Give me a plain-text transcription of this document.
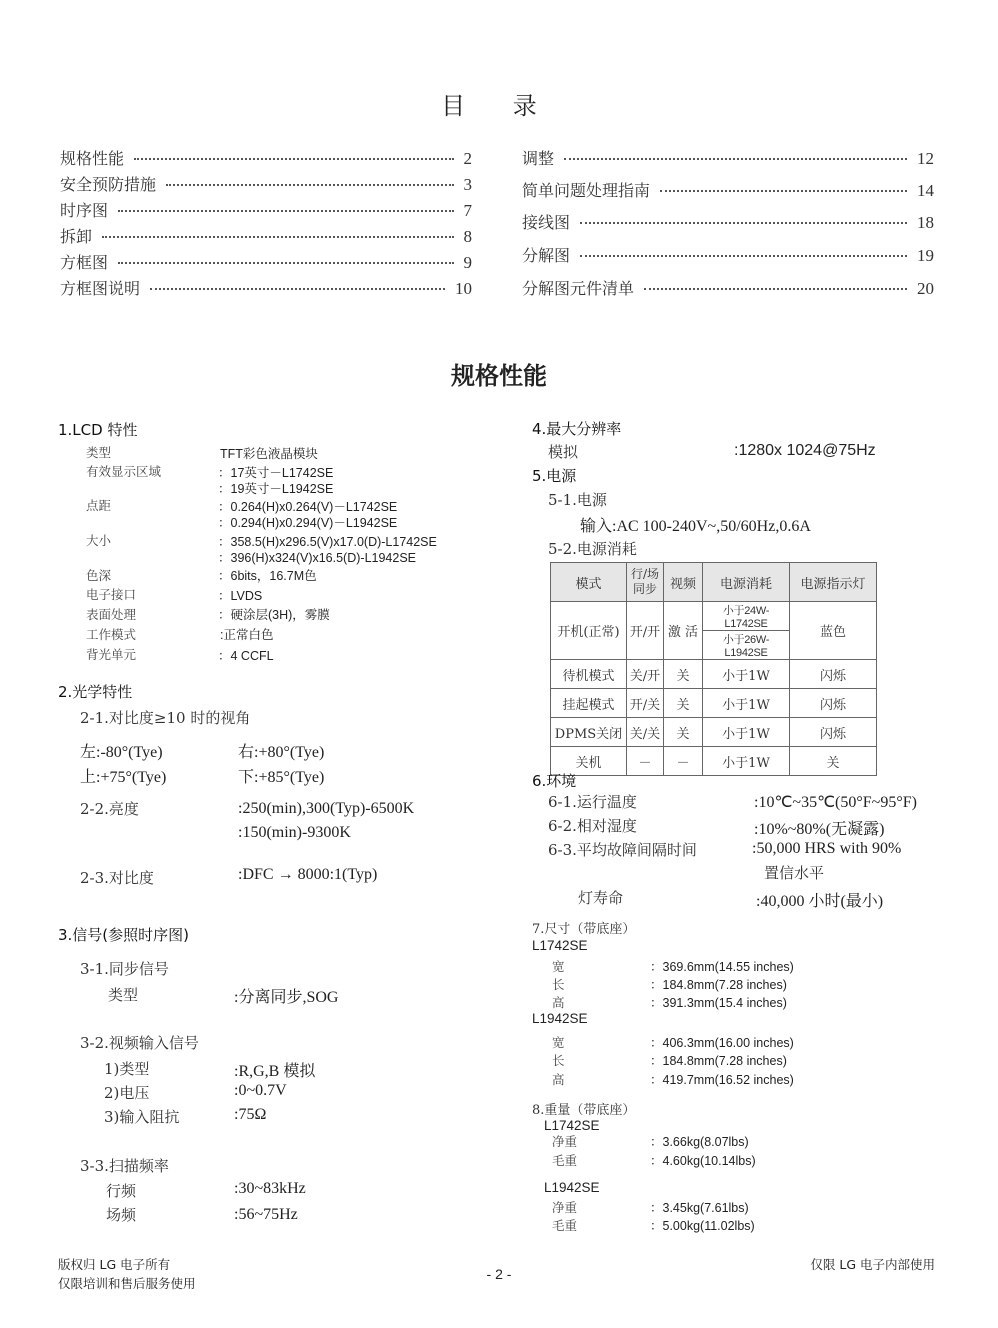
目 录
规格性能	2
安全预防措施	3
时序图	7
拆卸	8
方框图	9
方框图说明	10
调整	12
简单问题处理指南	14
接线图	18
分解图	19
分解图元件清单	20
规格性能
1.LCD 特性
类型	TFT彩色液晶模块
有效显示区域	：17英寸－L1742SE
：19英寸－L1942SE
点距	：0.264(H)x0.264(V)－L1742SE
：0.294(H)x0.294(V)－L1942SE
大小	：358.5(H)x296.5(V)x17.0(D)-L1742SE
：396(H)x324(V)x16.5(D)-L1942SE
色深	：6bits，16.7M色
电子接口	：LVDS
表面处理	：硬涂层(3H)，雾膜
工作模式	:正常白色
背光单元	：4 CCFL
2.光学特性
2-1.对比度≥10 时的视角
左:-80°(Tye)	右:+80°(Tye)
上:+75°(Tye)	下:+85°(Tye)
2-2.亮度	:250(min),300(Typ)-6500K
:150(min)-9300K
2-3.对比度	:DFC → 8000:1(Typ)
3.信号(参照时序图)
3-1.同步信号
类型	:分离同步,SOG
3-2.视频输入信号
1)类型	:R,G,B 模拟
2)电压	:0~0.7V
3)输入阻抗	:75Ω
3-3.扫描频率
行频	:30~83kHz
场频	:56~75Hz
4.最大分辨率
模拟	:1280x 1024@75Hz
5.电源
5-1.电源
输入:AC 100-240V~,50/60Hz,0.6A
5-2.电源消耗
模式	行/场同步	视频	电源消耗	电源指示灯
开机(正常)	开/开	激 活	小于24W-L1742SE	蓝色
			小于26W-L1942SE	
待机模式	关/开	关	小于1W	闪烁
挂起模式	开/关	关	小于1W	闪烁
DPMS关闭	关/关	关	小于1W	闪烁
关机	－	－	小于1W	关
6.环境
6-1.运行温度	:10℃~35℃(50°F~95°F)
6-2.相对湿度	:10%~80%(无凝露)
6-3.平均故障间隔时间	:50,000 HRS with 90%
置信水平
灯寿命	:40,000 小时(最小)
7.尺寸（带底座）
L1742SE
宽	：369.6mm(14.55 inches)
长	：184.8mm(7.28 inches)
高	：391.3mm(15.4 inches)
L1942SE
宽	：406.3mm(16.00 inches)
长	：184.8mm(7.28 inches)
高	：419.7mm(16.52 inches)
8.重量（带底座）
L1742SE
净重	：3.66kg(8.07lbs)
毛重	：4.60kg(10.14lbs)
L1942SE
净重	：3.45kg(7.61lbs)
毛重	：5.00kg(11.02lbs)
版权归 LG 电子所有
仅限培训和售后服务使用
- 2 -
仅限 LG 电子内部使用
